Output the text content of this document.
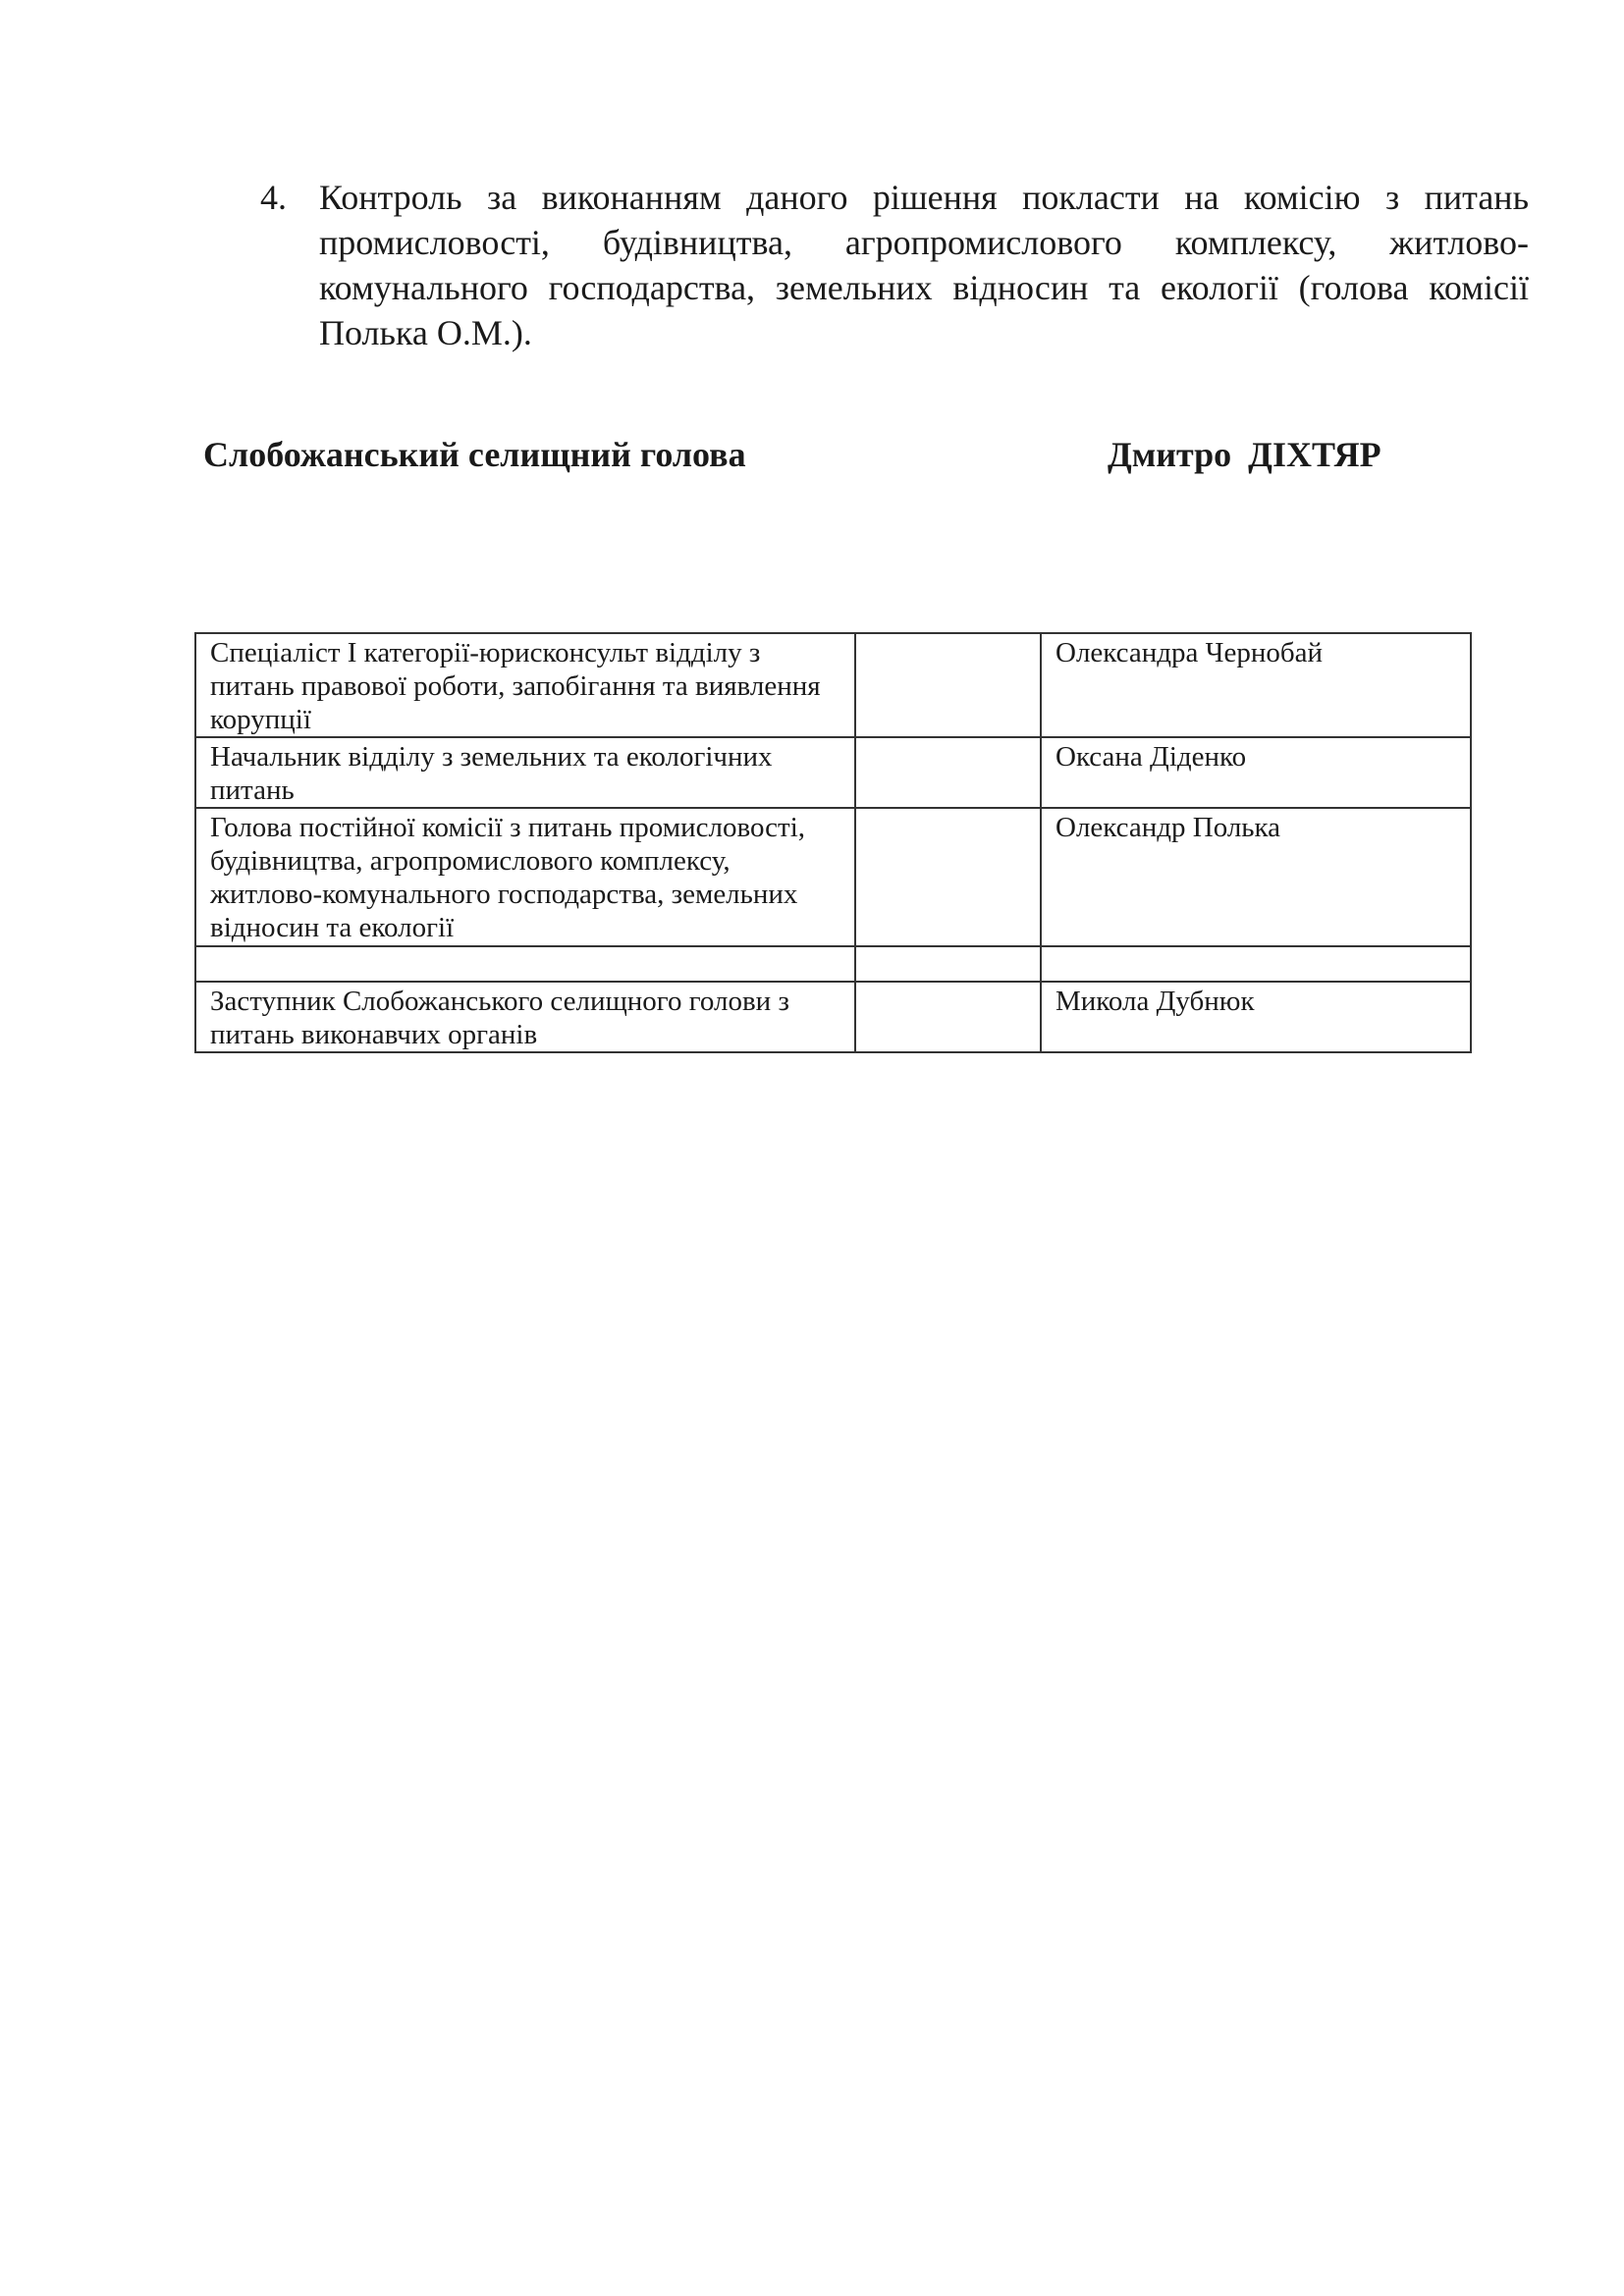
4. Контроль за виконанням даного рішення покласти на комісію з питань промисловості, будівництва, агропромислового комплексу, житлово-комунального господарства, земельних відносин та екології (голова комісії Полька О.М.).
Слобожанський селищний голова	Дмитро ДІХТЯР
Спеціаліст І категорії-юрисконсульт відділу з питань правової роботи, запобігання та виявлення корупції		Олександра Чернобай
Начальник відділу з земельних та екологічних питань		Оксана Діденко
Голова постійної комісії з питань промисловості, будівництва, агропромислового комплексу, житлово-комунального господарства, земельних відносин та екології		Олександр Полька

Заступник Слобожанського селищного голови з питань виконавчих органів		Микола Дубнюк
